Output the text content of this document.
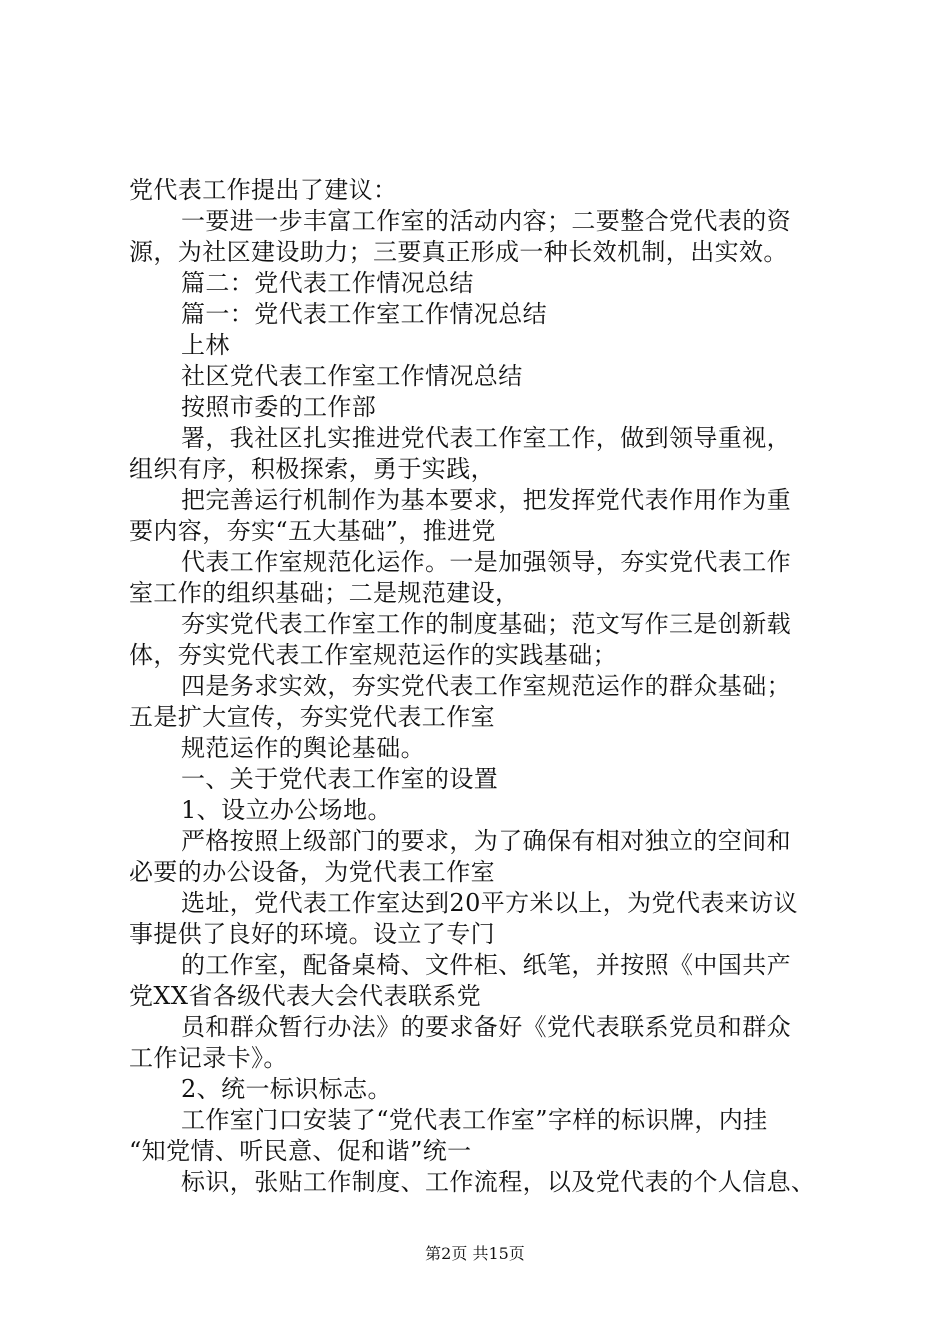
党代表工作提出了建议：
一要进一步丰富工作室的活动内容；二要整合党代表的资
源，为社区建设助力；三要真正形成一种长效机制，出实效。
篇二：党代表工作情况总结
篇一：党代表工作室工作情况总结
上林
社区党代表工作室工作情况总结
按照市委的工作部
署，我社区扎实推进党代表工作室工作，做到领导重视，
组织有序，积极探索，勇于实践，
把完善运行机制作为基本要求，把发挥党代表作用作为重
要内容，夯实“五大基础”，推进党
代表工作室规范化运作。一是加强领导，夯实党代表工作
室工作的组织基础；二是规范建设，
夯实党代表工作室工作的制度基础；范文写作三是创新载
体，夯实党代表工作室规范运作的实践基础；
四是务求实效，夯实党代表工作室规范运作的群众基础；
五是扩大宣传，夯实党代表工作室
规范运作的舆论基础。
一、关于党代表工作室的设置
1、设立办公场地。
严格按照上级部门的要求，为了确保有相对独立的空间和
必要的办公设备，为党代表工作室
选址，党代表工作室达到20平方米以上，为党代表来访议
事提供了良好的环境。设立了专门
的工作室，配备桌椅、文件柜、纸笔，并按照《中国共产
党XX省各级代表大会代表联系党
员和群众暂行办法》的要求备好《党代表联系党员和群众
工作记录卡》。
2、统一标识标志。
工作室门口安装了“党代表工作室”字样的标识牌，内挂
“知党情、听民意、促和谐”统一
标识，张贴工作制度、工作流程，以及党代表的个人信息、
第2页 共15页
